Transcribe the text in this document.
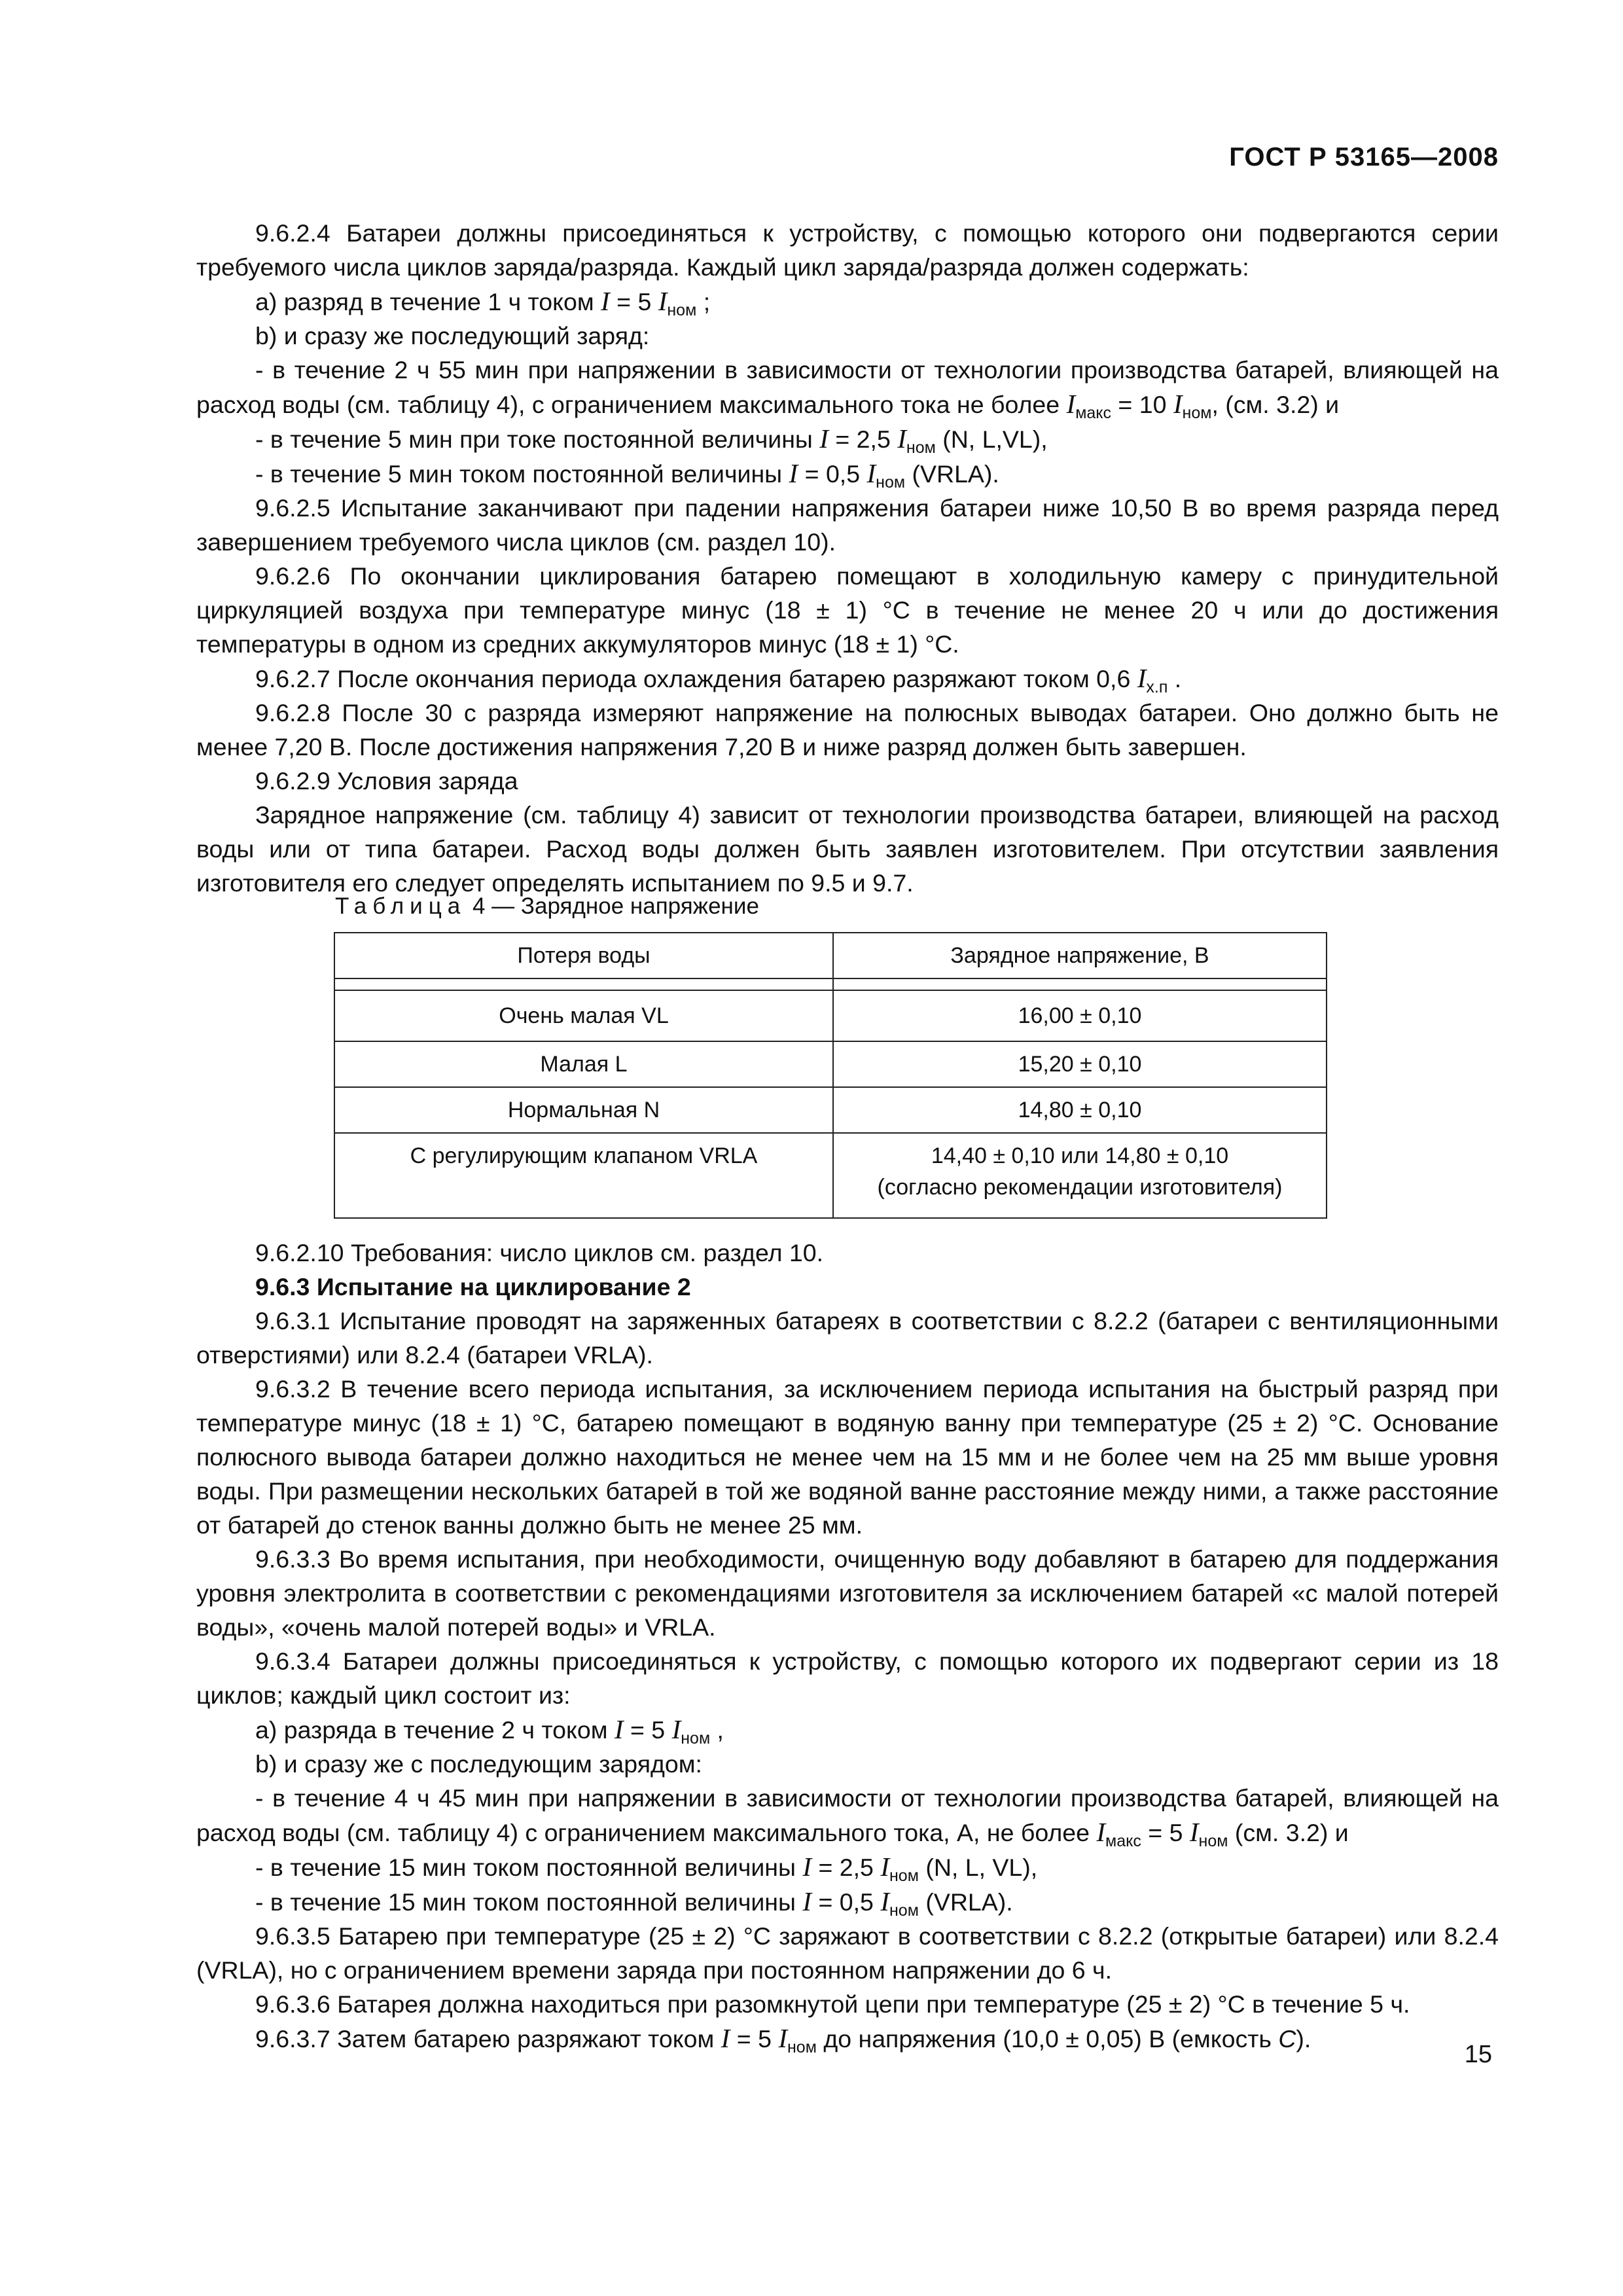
ГОСТ Р 53165—2008

9.6.2.4 Батареи должны присоединяться к устройству, с помощью которого они подвергаются серии требуемого числа циклов заряда/разряда. Каждый цикл заряда/разряда должен содержать:

а) разряд в течение 1 ч током I = 5 $I_{ном}$ ;

b) и сразу же последующий заряд:

- в течение 2 ч 55 мин при напряжении в зависимости от технологии производства батарей, влияющей на расход воды (см. таблицу 4), с ограничением максимального тока не более $I_{макс} = 10$ $I_{ном}$, (см. 3.2) и

- в течение 5 мин при токе постоянной величины I = 2,5 $I_{ном}$ (N, L,VL),

- в течение 5 мин током постоянной величины I = 0,5 $I_{ном}$ (VRLA).

9.6.2.5 Испытание заканчивают при падении напряжения батареи ниже 10,50 В во время разряда перед завершением требуемого числа циклов (см. раздел 10).

9.6.2.6 По окончании циклирования батарею помещают в холодильную камеру с принудительной циркуляцией воздуха при температуре минус (18 ± 1) °С в течение не менее 20 ч или до достижения температуры в одном из средних аккумуляторов минус (18 ± 1) °С.

9.6.2.7 После окончания периода охлаждения батарею разряжают током 0,6 $I_{х.п}$ .

9.6.2.8 После 30 с разряда измеряют напряжение на полюсных выводах батареи. Оно должно быть не менее 7,20 В. После достижения напряжения 7,20 В и ниже разряд должен быть завершен.

9.6.2.9 Условия заряда

Зарядное напряжение (см. таблицу 4) зависит от технологии производства батареи, влияющей на расход воды или от типа батареи. Расход воды должен быть заявлен изготовителем. При отсутствии заявления изготовителя его следует определять испытанием по 9.5 и 9.7.

Таблица 4 — Зарядное напряжение
Потеря воды	Зарядное напряжение, В

Очень малая VL	16,00 ± 0,10
Малая L	15,20 ± 0,10
Нормальная N	14,80 ± 0,10
С регулирующим клапаном VRLA	14,40 ± 0,10 или 14,80 ± 0,10
(согласно рекомендации изготовителя)

9.6.2.10 Требования: число циклов см. раздел 10.

9.6.3 Испытание на циклирование 2

9.6.3.1 Испытание проводят на заряженных батареях в соответствии с 8.2.2 (батареи с вентиляционными отверстиями) или 8.2.4 (батареи VRLA).

9.6.3.2 В течение всего периода испытания, за исключением периода испытания на быстрый разряд при температуре минус (18 ± 1) °С, батарею помещают в водяную ванну при температуре (25 ± 2) °С. Основание полюсного вывода батареи должно находиться не менее чем на 15 мм и не более чем на 25 мм выше уровня воды. При размещении нескольких батарей в той же водяной ванне расстояние между ними, а также расстояние от батарей до стенок ванны должно быть не менее 25 мм.

9.6.3.3 Во время испытания, при необходимости, очищенную воду добавляют в батарею для поддержания уровня электролита в соответствии с рекомендациями изготовителя за исключением батарей «с малой потерей воды», «очень малой потерей воды» и VRLA.

9.6.3.4 Батареи должны присоединяться к устройству, с помощью которого их подвергают серии из 18 циклов; каждый цикл состоит из:

а) разряда в течение 2 ч током I = 5 $I_{ном}$ ,

b) и сразу же с последующим зарядом:

- в течение 4 ч 45 мин при напряжении в зависимости от технологии производства батарей, влияющей на расход воды (см. таблицу 4) с ограничением максимального тока, А, не более $I_{макс} = 5$ $I_{ном}$ (см. 3.2) и

- в течение 15 мин током постоянной величины I = 2,5 $I_{ном}$ (N, L, VL),

- в течение 15 мин током постоянной величины I = 0,5 $I_{ном}$ (VRLA).

9.6.3.5 Батарею при температуре (25 ± 2) °С заряжают в соответствии с 8.2.2 (открытые батареи) или 8.2.4 (VRLA), но с ограничением времени заряда при постоянном напряжении до 6 ч.

9.6.3.6 Батарея должна находиться при разомкнутой цепи при температуре (25 ± 2) °С в течение 5 ч.

9.6.3.7 Затем батарею разряжают током I = 5 $I_{ном}$ до напряжения (10,0 ± 0,05) В (емкость С).

15
